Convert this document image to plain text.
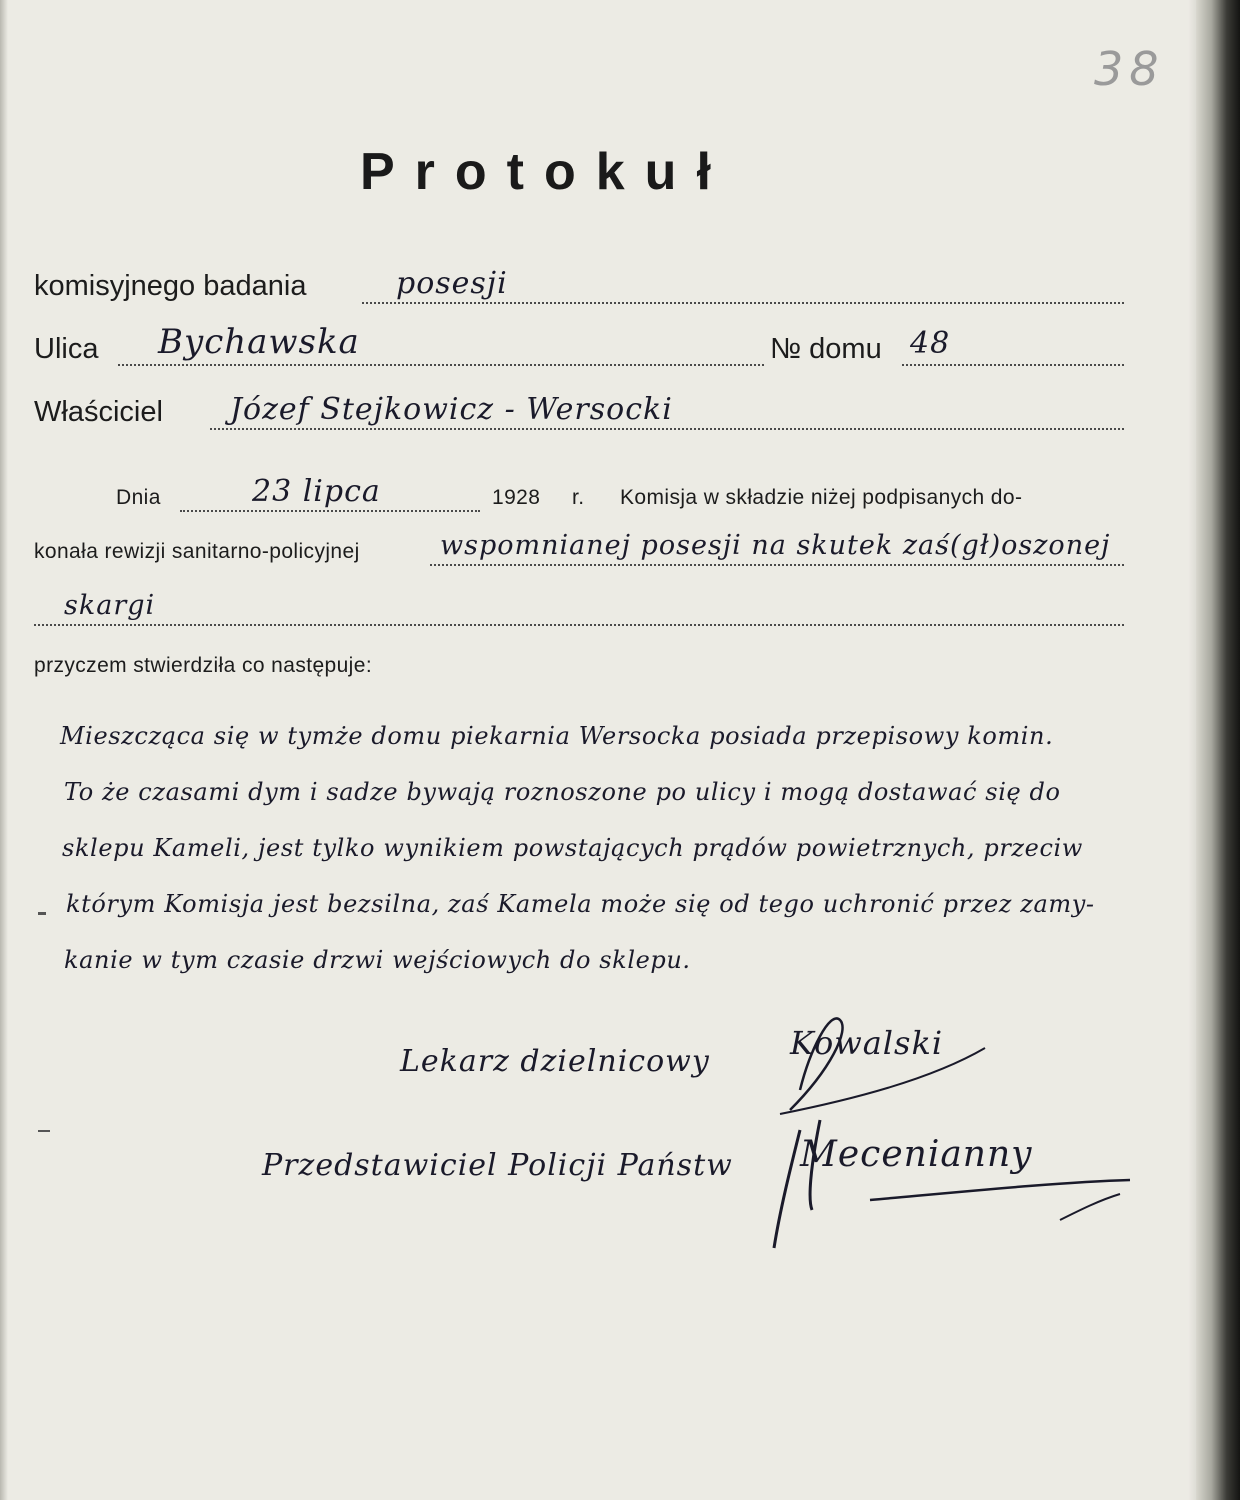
38
Protokuł
komisyjnego badania	posesji
Ulica Bychawska	№ domu 48
Właściciel Józef Stejkowicz - Wersocki
Dnia	23 lipca	1928 r. Komisja w składzie niżej podpisanych do-
konała rewizji sanitarno-policyjnej	wspomnianej posesji na skutek zaś(gł)oszonej
skargi
przyczem stwierdziła co następuje:
Mieszcząca się w tymże domu piekarnia Wersocka posiada przepisowy komin.
To że czasami dym i sadze bywają roznoszone po ulicy i mogą dostawać się do
sklepu Kameli, jest tylko wynikiem powstających prądów powietrznych, przeciw
którym Komisja jest bezsilna, zaś Kamela może się od tego uchronić przez zamy-
kanie w tym czasie drzwi wejściowych do sklepu.
Lekarz dzielnicowy	Kowalski
Przedstawiciel Policji Państw Mecenianny
